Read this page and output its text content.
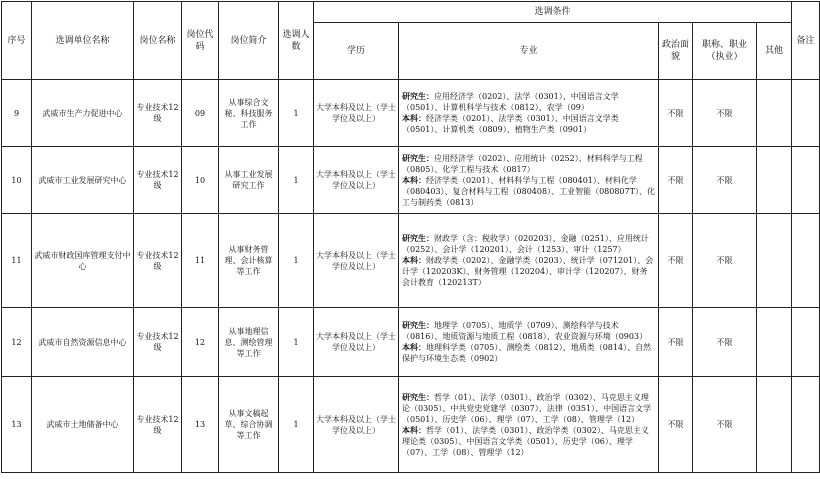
序号	选调单位名称	岗位名称	岗位代码	岗位简介	选调人数	选调条件					备注
						学历	专业	政治面貌	职称、职业（执业）	其他	
9	武威市生产力促进中心	专业技术12级	09	从事综合文秘、科技服务工作	1	大学本科及以上（学士学位及以上）	研究生：应用经济学（0202）、法学（0301）、中国语言文学（0501）、计算机科学与技术（0812）、农学（09）
本科：经济学类（0201）、法学类（0301）、中国语言文学类（0501）、计算机类（0809）、植物生产类（0901）	不限	不限		
10	武威市工业发展研究中心	专业技术12级	10	从事工业发展研究工作	1	大学本科及以上（学士学位及以上）	研究生：应用经济学（0202）、应用统计（0252）、材料科学与工程（0805）、化学工程与技术（0817）
本科：经济学类（0201）、材料科学与工程（080401）、材料化学（080403）、复合材料与工程（080408）、工业智能（080807T）、化工与制药类（0813）	不限	不限		
11	武威市财政国库管理支付中心	专业技术12级	11	从事财务管理、会计核算等工作	1	大学本科及以上（学士学位及以上）	研究生：财政学（含：税收学）（020203）、金融（0251）、应用统计（0252）、会计学（120201）、会计（1253）、审计（1257）
本科：财政学类（0202）、金融学类（0203）、统计学（071201）、会计学（120203K）、财务管理（120204）、审计学（120207）、财务会计教育（120213T）	不限	不限		
12	武威市自然资源信息中心	专业技术12级	12	从事地理信息、测绘管理等工作	1	大学本科及以上（学士学位及以上）	研究生：地理学（0705）、地质学（0709）、测绘科学与技术（0816）、地质资源与地质工程（0818）、农业资源与环境（0903）
本科：地理科学类（0705）、测绘类（0812）、地质类（0814）、自然保护与环境生态类（0902）	不限	不限		
13	武威市土地储备中心	专业技术12级	13	从事文稿起草、综合协调等工作	1	大学本科及以上（学士学位及以上）	研究生：哲学（01）、法学（0301）、政治学（0302）、马克思主义理论（0305）、中共党史党建学（0307）、法律（0351）、中国语言文学（0501）、历史学（06）、理学（07）、工学（08）、管理学（12）
本科：哲学（01）、法学类（0301）、政治学类（0302）、马克思主义理论类（0305）、中国语言文学类（0501）、历史学（06）、理学（07）、工学（08）、管理学（12）	不限	不限		
